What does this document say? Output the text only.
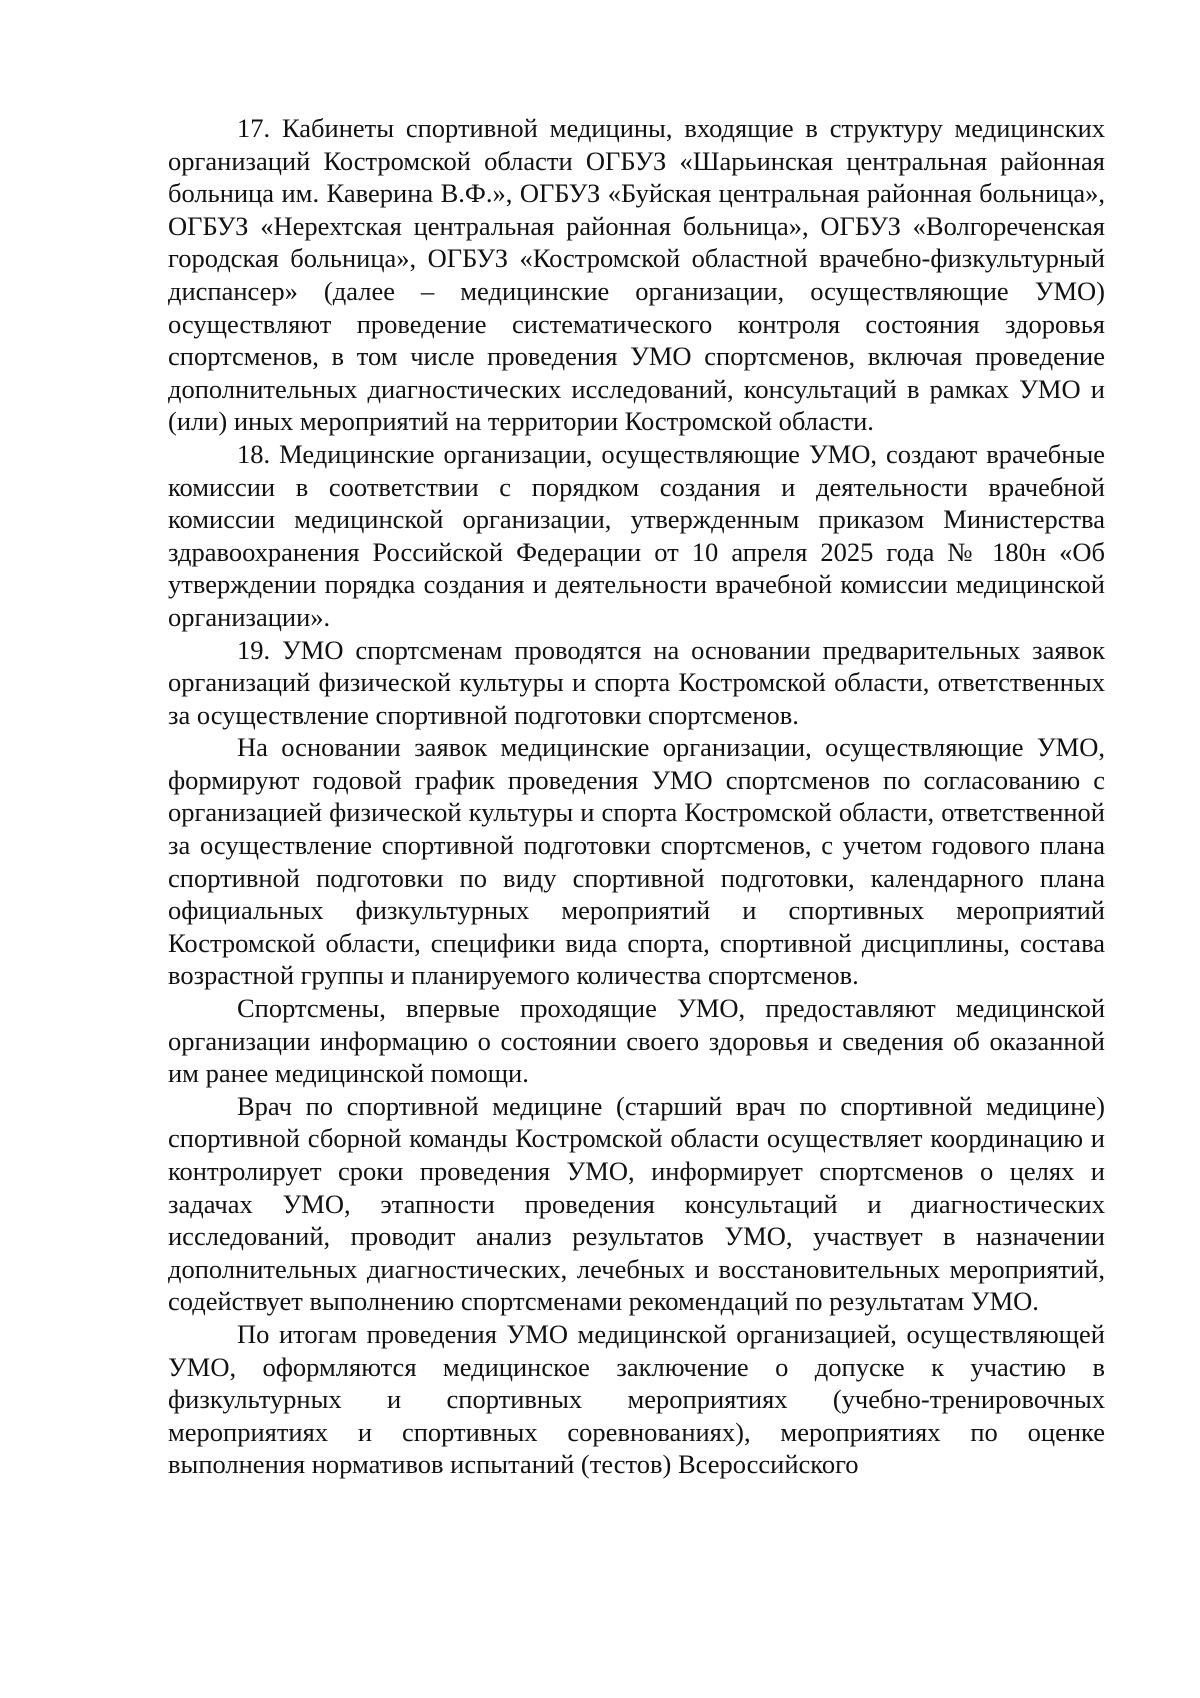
17. Кабинеты спортивной медицины, входящие в структуру медицинских организаций Костромской области ОГБУЗ «Шарьинская центральная районная больница им. Каверина В.Ф.», ОГБУЗ «Буйская центральная районная больница», ОГБУЗ «Нерехтская центральная районная больница», ОГБУЗ «Волгореченская городская больница», ОГБУЗ «Костромской областной врачебно-физкультурный диспансер» (далее – медицинские организации, осуществляющие УМО) осуществляют проведение систематического контроля состояния здоровья спортсменов, в том числе проведения УМО спортсменов, включая проведение дополнительных диагностических исследований, консультаций в рамках УМО и (или) иных мероприятий на территории Костромской области.

18. Медицинские организации, осуществляющие УМО, создают врачебные комиссии в соответствии с порядком создания и деятельности врачебной комиссии медицинской организации, утвержденным приказом Министерства здравоохранения Российской Федерации от 10 апреля 2025 года № 180н «Об утверждении порядка создания и деятельности врачебной комиссии медицинской организации».

19. УМО спортсменам проводятся на основании предварительных заявок организаций физической культуры и спорта Костромской области, ответственных за осуществление спортивной подготовки спортсменов.

На основании заявок медицинские организации, осуществляющие УМО, формируют годовой график проведения УМО спортсменов по согласованию с организацией физической культуры и спорта Костромской области, ответственной за осуществление спортивной подготовки спортсменов, с учетом годового плана спортивной подготовки по виду спортивной подготовки, календарного плана официальных физкультурных мероприятий и спортивных мероприятий Костромской области, специфики вида спорта, спортивной дисциплины, состава возрастной группы и планируемого количества спортсменов.

Спортсмены, впервые проходящие УМО, предоставляют медицинской организации информацию о состоянии своего здоровья и сведения об оказанной им ранее медицинской помощи.

Врач по спортивной медицине (старший врач по спортивной медицине) спортивной сборной команды Костромской области осуществляет координацию и контролирует сроки проведения УМО, информирует спортсменов о целях и задачах УМО, этапности проведения консультаций и диагностических исследований, проводит анализ результатов УМО, участвует в назначении дополнительных диагностических, лечебных и восстановительных мероприятий, содействует выполнению спортсменами рекомендаций по результатам УМО.

По итогам проведения УМО медицинской организацией, осуществляющей УМО, оформляются медицинское заключение о допуске к участию в физкультурных и спортивных мероприятиях (учебно-тренировочных мероприятиях и спортивных соревнованиях), мероприятиях по оценке выполнения нормативов испытаний (тестов) Всероссийского
